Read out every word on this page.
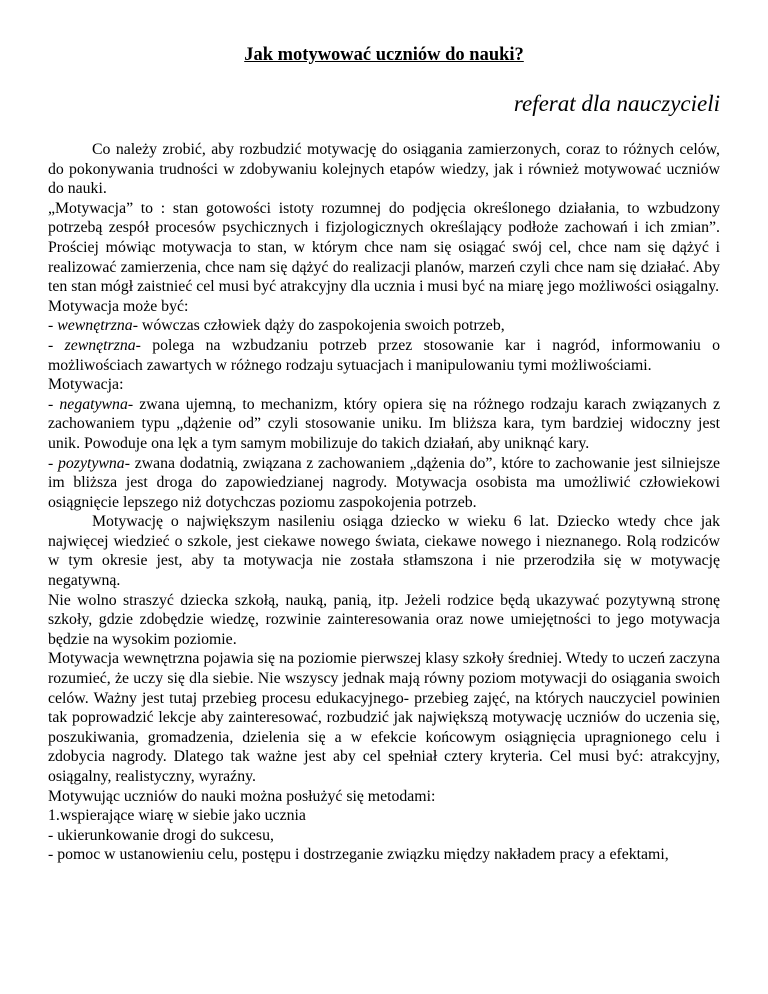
Jak motywować uczniów do nauki?

referat dla nauczycieli

Co należy zrobić, aby rozbudzić motywację do osiągania zamierzonych, coraz to różnych celów, do pokonywania trudności w zdobywaniu kolejnych etapów wiedzy, jak i również motywować uczniów do nauki.

„Motywacja” to : stan gotowości istoty rozumnej do podjęcia określonego działania, to wzbudzony potrzebą zespół procesów psychicznych i fizjologicznych określający podłoże zachowań i ich zmian”. Prościej mówiąc motywacja to stan, w którym chce nam się osiągać swój cel, chce nam się dążyć i realizować zamierzenia, chce nam się dążyć do realizacji planów, marzeń czyli chce nam się działać. Aby ten stan mógł zaistnieć cel musi być atrakcyjny dla ucznia i musi być na miarę jego możliwości osiągalny.

Motywacja może być:

- wewnętrzna- wówczas człowiek dąży do zaspokojenia swoich potrzeb,

- zewnętrzna- polega na wzbudzaniu potrzeb przez stosowanie kar i nagród, informowaniu o możliwościach zawartych w różnego rodzaju sytuacjach i manipulowaniu tymi możliwościami.

Motywacja:

- negatywna- zwana ujemną, to mechanizm, który opiera się na różnego rodzaju karach związanych z zachowaniem typu „dążenie od” czyli stosowanie uniku. Im bliższa kara, tym bardziej widoczny jest unik. Powoduje ona lęk a tym samym mobilizuje do takich działań, aby uniknąć kary.

- pozytywna- zwana dodatnią, związana z zachowaniem „dążenia do”, które to zachowanie jest silniejsze im bliższa jest droga do zapowiedzianej nagrody. Motywacja osobista ma umożliwić człowiekowi osiągnięcie lepszego niż dotychczas poziomu zaspokojenia potrzeb.

Motywację o największym nasileniu osiąga dziecko w wieku 6 lat. Dziecko wtedy chce jak najwięcej wiedzieć o szkole, jest ciekawe nowego świata, ciekawe nowego i nieznanego. Rolą rodziców w tym okresie jest, aby ta motywacja nie została stłamszona i nie przerodziła się w motywację negatywną.

Nie wolno straszyć dziecka szkołą, nauką, panią, itp. Jeżeli rodzice będą ukazywać pozytywną stronę szkoły, gdzie zdobędzie wiedzę, rozwinie zainteresowania oraz nowe umiejętności to jego motywacja będzie na wysokim poziomie.

Motywacja wewnętrzna pojawia się na poziomie pierwszej klasy szkoły średniej. Wtedy to uczeń zaczyna rozumieć, że uczy się dla siebie. Nie wszyscy jednak mają równy poziom motywacji do osiągania swoich celów. Ważny jest tutaj przebieg procesu edukacyjnego- przebieg zajęć, na których nauczyciel powinien tak poprowadzić lekcje aby zainteresować, rozbudzić jak największą motywację uczniów do uczenia się, poszukiwania, gromadzenia, dzielenia się a w efekcie końcowym osiągnięcia upragnionego celu i zdobycia nagrody. Dlatego tak ważne jest aby cel spełniał cztery kryteria. Cel musi być: atrakcyjny, osiągalny, realistyczny, wyraźny.

Motywując uczniów do nauki można posłużyć się metodami:

1.wspierające wiarę w siebie jako ucznia

- ukierunkowanie drogi do sukcesu,

- pomoc w ustanowieniu celu, postępu i dostrzeganie związku między nakładem pracy a efektami,
